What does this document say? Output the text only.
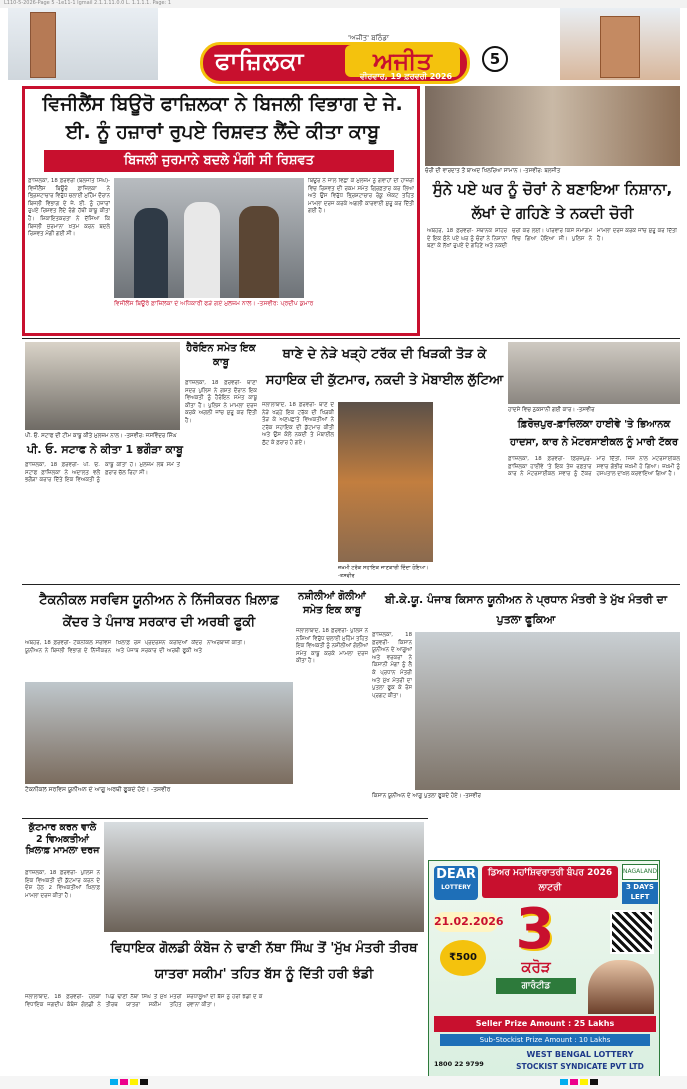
L110-5-2026-Page 5 -1e11-1 Igmail 2.1.1.11.0.0 L. 1.1.1.1. Page: 1
'ਅਜੀਤ' ਬਠਿੰਡਾ
ਫਾਜ਼ਿਲਕਾ	ਅਜੀਤ
ਵੀਰਵਾਰ, 19 ਫ਼ਰਵਰੀ 2026
5
ਵਿਜੀਲੈਂਸ ਬਿਊਰੋ ਫਾਜ਼ਿਲਕਾ ਨੇ ਬਿਜਲੀ ਵਿਭਾਗ ਦੇ ਜੇ. ਈ. ਨੂੰ ਹਜ਼ਾਰਾਂ ਰੁਪਏ ਰਿਸ਼ਵਤ ਲੈਂਦੇ ਕੀਤਾ ਕਾਬੂ
ਬਿਜਲੀ ਜੁਰਮਾਨੇ ਬਦਲੇ ਮੰਗੀ ਸੀ ਰਿਸ਼ਵਤ
ਫ਼ਾਜ਼ਿਲਕਾ, 18 ਫ਼ਰਵਰੀ (ਬਲਜੀਤ ਸਿੰਘ)- ਵਿਜੀਲੈਂਸ ਬਿਊਰੋ ਫ਼ਾਜ਼ਿਲਕਾ ਨੇ ਭ੍ਰਿਸ਼ਟਾਚਾਰ ਵਿਰੁੱਧ ਚਲਾਈ ਮੁਹਿੰਮ ਦੌਰਾਨ ਬਿਜਲੀ ਵਿਭਾਗ ਦੇ ਜੇ. ਈ. ਨੂੰ ਹਜ਼ਾਰਾਂ ਰੁਪਏ ਰਿਸ਼ਵਤ ਲੈਂਦੇ ਰੰਗੇ ਹੱਥੀਂ ਕਾਬੂ ਕੀਤਾ ਹੈ। ਸ਼ਿਕਾਇਤਕਰਤਾ ਨੇ ਦੱਸਿਆ ਕਿ ਬਿਜਲੀ ਜੁਰਮਾਨਾ ਖ਼ਤਮ ਕਰਨ ਬਦਲੇ ਰਿਸ਼ਵਤ ਮੰਗੀ ਗਈ ਸੀ।
ਬਿਊਰੋ ਨੇ ਜਾਲ ਵਿਛਾ ਕੇ ਮੁਲਜ਼ਮ ਨੂੰ ਗਵਾਹਾਂ ਦੀ ਹਾਜ਼ਰੀ ਵਿਚ ਰਿਸ਼ਵਤ ਦੀ ਰਕਮ ਸਮੇਤ ਗ੍ਰਿਫ਼ਤਾਰ ਕਰ ਲਿਆ ਅਤੇ ਉਸ ਵਿਰੁੱਧ ਭ੍ਰਿਸ਼ਟਾਚਾਰ ਰੋਕੂ ਐਕਟ ਤਹਿਤ ਮਾਮਲਾ ਦਰਜ ਕਰਕੇ ਅਗਲੀ ਕਾਰਵਾਈ ਸ਼ੁਰੂ ਕਰ ਦਿੱਤੀ ਗਈ ਹੈ।
ਵਿਜੀਲੈਂਸ ਬਿਊਰੋ ਫ਼ਾਜ਼ਿਲਕਾ ਦੇ ਅਧਿਕਾਰੀ ਫੜੇ ਗਏ ਮੁਲਜ਼ਮ ਨਾਲ। -ਤਸਵੀਰ: ਪ੍ਰਦੀਪ ਕੁਮਾਰ
ਚੋਰੀ ਦੀ ਵਾਰਦਾਤ ਤੋਂ ਬਾਅਦ ਖਿਲਰਿਆ ਸਾਮਾਨ। -ਤਸਵੀਰ: ਬਲਜੀਤ
ਸੁੰਨੇ ਪਏ ਘਰ ਨੂੰ ਚੋਰਾਂ ਨੇ ਬਣਾਇਆ ਨਿਸ਼ਾਨਾ, ਲੱਖਾਂ ਦੇ ਗਹਿਣੇ ਤੇ ਨਕਦੀ ਚੋਰੀ
ਅਬੋਹਰ, 18 ਫ਼ਰਵਰੀ- ਸਥਾਨਕ ਸ਼ਹਿਰ ਦੇ ਇਕ ਸੁੰਨੇ ਪਏ ਘਰ ਨੂੰ ਚੋਰਾਂ ਨੇ ਨਿਸ਼ਾਨਾ ਬਣਾ ਕੇ ਲੱਖਾਂ ਰੁਪਏ ਦੇ ਗਹਿਣੇ ਅਤੇ ਨਕਦੀ ਚੋਰੀ ਕਰ ਲਈ। ਪਰਿਵਾਰ ਕਿਸੇ ਸਮਾਗਮ ਵਿਚ ਗਿਆ ਹੋਇਆ ਸੀ। ਪੁਲਿਸ ਨੇ ਮਾਮਲਾ ਦਰਜ ਕਰਕੇ ਜਾਂਚ ਸ਼ੁਰੂ ਕਰ ਦਿੱਤੀ ਹੈ।
ਪੀ. ਓ. ਸਟਾਫ ਦੀ ਟੀਮ ਕਾਬੂ ਕੀਤੇ ਮੁਲਜ਼ਮ ਨਾਲ। -ਤਸਵੀਰ: ਜਸਵਿੰਦਰ ਸਿੰਘ
ਪੀ. ਓ. ਸਟਾਫ ਨੇ ਕੀਤਾ 1 ਭਗੌੜਾ ਕਾਬੂ
ਫ਼ਾਜ਼ਿਲਕਾ, 18 ਫ਼ਰਵਰੀ- ਪੀ. ਓ. ਸਟਾਫ ਫ਼ਾਜ਼ਿਲਕਾ ਨੇ ਅਦਾਲਤ ਵਲੋਂ ਭਗੌੜਾ ਕਰਾਰ ਦਿੱਤੇ ਇਕ ਵਿਅਕਤੀ ਨੂੰ ਕਾਬੂ ਕੀਤਾ ਹੈ। ਮੁਲਜ਼ਮ ਲੰਬੇ ਸਮੇਂ ਤੋਂ ਫ਼ਰਾਰ ਚੱਲ ਰਿਹਾ ਸੀ।
ਹੈਰੋਇਨ ਸਮੇਤ ਇਕ ਕਾਬੂ
ਫ਼ਾਜ਼ਿਲਕਾ, 18 ਫ਼ਰਵਰੀ- ਥਾਣਾ ਸਦਰ ਪੁਲਿਸ ਨੇ ਗਸ਼ਤ ਦੌਰਾਨ ਇਕ ਵਿਅਕਤੀ ਨੂੰ ਹੈਰੋਇਨ ਸਮੇਤ ਕਾਬੂ ਕੀਤਾ ਹੈ। ਪੁਲਿਸ ਨੇ ਮਾਮਲਾ ਦਰਜ ਕਰਕੇ ਅਗਲੀ ਜਾਂਚ ਸ਼ੁਰੂ ਕਰ ਦਿੱਤੀ ਹੈ।
ਥਾਣੇ ਦੇ ਨੇੜੇ ਖੜ੍ਹੇ ਟਰੱਕ ਦੀ ਖਿੜਕੀ ਤੋੜ ਕੇ ਸਹਾਇਕ ਦੀ ਕੁੱਟਮਾਰ, ਨਕਦੀ ਤੇ ਮੋਬਾਈਲ ਲੁੱਟਿਆ
ਜਲਾਲਾਬਾਦ, 18 ਫ਼ਰਵਰੀ- ਥਾਣੇ ਦੇ ਨੇੜੇ ਖੜ੍ਹੇ ਇਕ ਟਰੱਕ ਦੀ ਖਿੜਕੀ ਤੋੜ ਕੇ ਅਣਪਛਾਤੇ ਵਿਅਕਤੀਆਂ ਨੇ ਟਰੱਕ ਸਹਾਇਕ ਦੀ ਕੁੱਟਮਾਰ ਕੀਤੀ ਅਤੇ ਉਸ ਕੋਲੋਂ ਨਕਦੀ ਤੇ ਮੋਬਾਈਲ ਲੁੱਟ ਕੇ ਫ਼ਰਾਰ ਹੋ ਗਏ।
ਜ਼ਖ਼ਮੀ ਟਰੱਕ ਸਹਾਇਕ ਜਾਣਕਾਰੀ ਦਿੰਦਾ ਹੋਇਆ। -ਤਸਵੀਰ
ਹਾਦਸੇ ਵਿਚ ਨੁਕਸਾਨੀ ਗਈ ਕਾਰ। -ਤਸਵੀਰ
ਫ਼ਿਰੋਜ਼ਪੁਰ-ਫ਼ਾਜ਼ਿਲਕਾ ਹਾਈਵੇ 'ਤੇ ਭਿਆਨਕ ਹਾਦਸਾ, ਕਾਰ ਨੇ ਮੋਟਰਸਾਈਕਲ ਨੂੰ ਮਾਰੀ ਟੱਕਰ
ਫ਼ਾਜ਼ਿਲਕਾ, 18 ਫ਼ਰਵਰੀ- ਫ਼ਿਰੋਜ਼ਪੁਰ-ਫ਼ਾਜ਼ਿਲਕਾ ਹਾਈਵੇ 'ਤੇ ਇਕ ਤੇਜ਼ ਰਫ਼ਤਾਰ ਕਾਰ ਨੇ ਮੋਟਰਸਾਈਕਲ ਸਵਾਰ ਨੂੰ ਟੱਕਰ ਮਾਰ ਦਿੱਤੀ, ਜਿਸ ਨਾਲ ਮੋਟਰਸਾਈਕਲ ਸਵਾਰ ਗੰਭੀਰ ਜ਼ਖ਼ਮੀ ਹੋ ਗਿਆ। ਜ਼ਖ਼ਮੀ ਨੂੰ ਹਸਪਤਾਲ ਦਾਖ਼ਲ ਕਰਵਾਇਆ ਗਿਆ ਹੈ।
ਟੈਕਨੀਕਲ ਸਰਵਿਸ ਯੂਨੀਅਨ ਨੇ ਨਿੱਜੀਕਰਨ ਖ਼ਿਲਾਫ਼ ਕੇਂਦਰ ਤੇ ਪੰਜਾਬ ਸਰਕਾਰ ਦੀ ਅਰਥੀ ਫੂਕੀ
ਅਬੋਹਰ, 18 ਫ਼ਰਵਰੀ- ਟੈਕਨੀਕਲ ਸਰਵਿਸ ਯੂਨੀਅਨ ਨੇ ਬਿਜਲੀ ਵਿਭਾਗ ਦੇ ਨਿੱਜੀਕਰਨ ਖ਼ਿਲਾਫ਼ ਰੋਸ ਪ੍ਰਦਰਸ਼ਨ ਕਰਦਿਆਂ ਕੇਂਦਰ ਅਤੇ ਪੰਜਾਬ ਸਰਕਾਰ ਦੀ ਅਰਥੀ ਫੂਕੀ ਅਤੇ ਨਾਅਰੇਬਾਜ਼ੀ ਕੀਤੀ।
ਟੈਕਨੀਕਲ ਸਰਵਿਸ ਯੂਨੀਅਨ ਦੇ ਆਗੂ ਅਰਥੀ ਫੂਕਦੇ ਹੋਏ। -ਤਸਵੀਰ
ਨਸ਼ੀਲੀਆਂ ਗੋਲੀਆਂ ਸਮੇਤ ਇਕ ਕਾਬੂ
ਜਲਾਲਾਬਾਦ, 18 ਫ਼ਰਵਰੀ- ਪੁਲਿਸ ਨੇ ਨਸ਼ਿਆਂ ਵਿਰੁੱਧ ਚਲਾਈ ਮੁਹਿੰਮ ਤਹਿਤ ਇਕ ਵਿਅਕਤੀ ਨੂੰ ਨਸ਼ੀਲੀਆਂ ਗੋਲੀਆਂ ਸਮੇਤ ਕਾਬੂ ਕਰਕੇ ਮਾਮਲਾ ਦਰਜ ਕੀਤਾ ਹੈ।
ਬੀ.ਕੇ.ਯੂ. ਪੰਜਾਬ ਕਿਸਾਨ ਯੂਨੀਅਨ ਨੇ ਪ੍ਰਧਾਨ ਮੰਤਰੀ ਤੇ ਮੁੱਖ ਮੰਤਰੀ ਦਾ ਪੁਤਲਾ ਫੂਕਿਆ
ਫ਼ਾਜ਼ਿਲਕਾ, 18 ਫ਼ਰਵਰੀ- ਕਿਸਾਨ ਯੂਨੀਅਨ ਦੇ ਆਗੂਆਂ ਅਤੇ ਵਰਕਰਾਂ ਨੇ ਕਿਸਾਨੀ ਮੰਗਾਂ ਨੂੰ ਲੈ ਕੇ ਪ੍ਰਧਾਨ ਮੰਤਰੀ ਅਤੇ ਮੁੱਖ ਮੰਤਰੀ ਦਾ ਪੁਤਲਾ ਫੂਕ ਕੇ ਰੋਸ ਪ੍ਰਗਟ ਕੀਤਾ।
ਕਿਸਾਨ ਯੂਨੀਅਨ ਦੇ ਆਗੂ ਪੁਤਲਾ ਫੂਕਦੇ ਹੋਏ। -ਤਸਵੀਰ
ਕੁੱਟਮਾਰ ਕਰਨ ਵਾਲੇ 2 ਵਿਅਕਤੀਆਂ ਖ਼ਿਲਾਫ਼ ਮਾਮਲਾ ਦਰਜ
ਫ਼ਾਜ਼ਿਲਕਾ, 18 ਫ਼ਰਵਰੀ- ਪੁਲਿਸ ਨੇ ਇਕ ਵਿਅਕਤੀ ਦੀ ਕੁੱਟਮਾਰ ਕਰਨ ਦੇ ਦੋਸ਼ ਹੇਠ 2 ਵਿਅਕਤੀਆਂ ਖ਼ਿਲਾਫ਼ ਮਾਮਲਾ ਦਰਜ ਕੀਤਾ ਹੈ।
ਵਿਧਾਇਕ ਗੋਲਡੀ ਕੰਬੋਜ ਨੇ ਢਾਣੀ ਨੱਥਾ ਸਿੰਘ ਤੋਂ 'ਮੁੱਖ ਮੰਤਰੀ ਤੀਰਥ ਯਾਤਰਾ ਸਕੀਮ' ਤਹਿਤ ਬੱਸ ਨੂੰ ਦਿੱਤੀ ਹਰੀ ਝੰਡੀ
ਜਲਾਲਾਬਾਦ, 18 ਫ਼ਰਵਰੀ- ਹਲਕਾ ਵਿਧਾਇਕ ਜਗਦੀਪ ਕੰਬੋਜ ਗੋਲਡੀ ਨੇ ਪਿੰਡ ਢਾਣੀ ਨੱਥਾ ਸਿੰਘ ਤੋਂ ਮੁੱਖ ਮੰਤਰੀ ਤੀਰਥ ਯਾਤਰਾ ਸਕੀਮ ਤਹਿਤ ਸ਼ਰਧਾਲੂਆਂ ਦੀ ਬੱਸ ਨੂੰ ਹਰੀ ਝੰਡੀ ਦੇ ਕੇ ਰਵਾਨਾ ਕੀਤਾ।
DEAR
LOTTERY
ਡਿਅਰ ਮਹਾਂਸ਼ਿਵਰਾਤਰੀ ਬੰਪਰ 2026 ਲਾਟਰੀ
NAGALAND
3 DAYS LEFT
21.02.2026
₹500 3
ਕਰੋੜ
ਗਾਰੰਟੀਡ
Seller Prize Amount : 25 Lakhs
Sub-Stockist Prize Amount : 10 Lakhs
1800 22 9799
WEST BENGAL LOTTERY
STOCKIST SYNDICATE PVT LTD
